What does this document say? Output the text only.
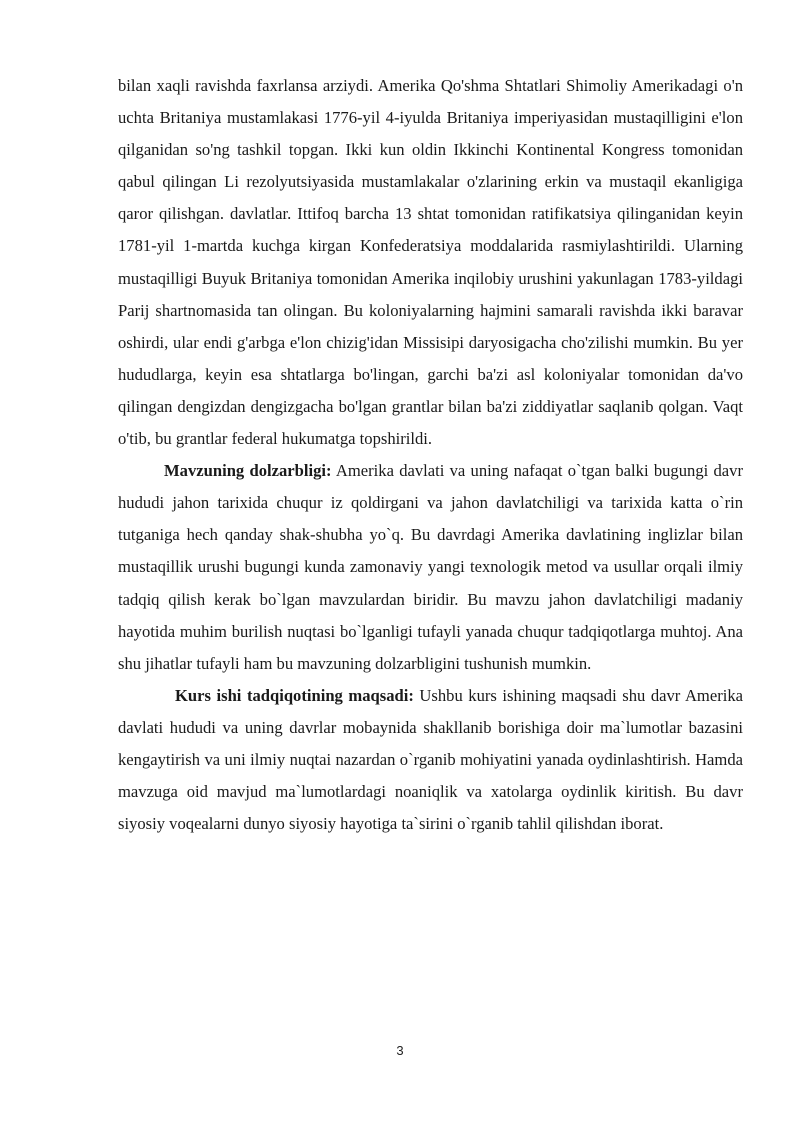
bilan xaqli ravishda faxrlansa arziydi. Amerika Qo'shma Shtatlari Shimoliy Amerikadagi o'n uchta Britaniya mustamlakasi 1776-yil 4-iyulda Britaniya imperiyasidan mustaqilligini e'lon qilganidan so'ng tashkil topgan. Ikki kun oldin Ikkinchi Kontinental Kongress tomonidan qabul qilingan Li rezolyutsiyasida mustamlakalar o'zlarining erkin va mustaqil ekanligiga qaror qilishgan. davlatlar. Ittifoq barcha 13 shtat tomonidan ratifikatsiya qilinganidan keyin 1781-yil 1-martda kuchga kirgan Konfederatsiya moddalarida rasmiylashtirildi. Ularning mustaqilligi Buyuk Britaniya tomonidan Amerika inqilobiy urushini yakunlagan 1783-yildagi Parij shartnomasida tan olingan. Bu koloniyalarning hajmini samarali ravishda ikki baravar oshirdi, ular endi g'arbga e'lon chizig'idan Missisipi daryosigacha cho'zilishi mumkin. Bu yer hududlarga, keyin esa shtatlarga bo'lingan, garchi ba'zi asl koloniyalar tomonidan da'vo qilingan dengizdan dengizgacha bo'lgan grantlar bilan ba'zi ziddiyatlar saqlanib qolgan. Vaqt o'tib, bu grantlar federal hukumatga topshirildi.

Mavzuning dolzarbligi: Amerika davlati va uning nafaqat o`tgan balki bugungi davr hududi jahon tarixida chuqur iz qoldirgani va jahon davlatchiligi va tarixida katta o`rin tutganiga hech qanday shak-shubha yo`q. Bu davrdagi Amerika davlatining inglizlar bilan mustaqillik urushi bugungi kunda zamonaviy yangi texnologik metod va usullar orqali ilmiy tadqiq qilish kerak bo`lgan mavzulardan biridir. Bu mavzu jahon davlatchiligi madaniy hayotida muhim burilish nuqtasi bo`lganligi tufayli yanada chuqur tadqiqotlarga muhtoj. Ana shu jihatlar tufayli ham bu mavzuning dolzarbligini tushunish mumkin.

Kurs ishi tadqiqotining maqsadi: Ushbu kurs ishining maqsadi shu davr Amerika davlati hududi va uning davrlar mobaynida shakllanib borishiga doir ma`lumotlar bazasini kengaytirish va uni ilmiy nuqtai nazardan o`rganib mohiyatini yanada oydinlashtirish. Hamda mavzuga oid mavjud ma`lumotlardagi noaniqlik va xatolarga oydinlik kiritish. Bu davr siyosiy voqealarni dunyo siyosiy hayotiga ta`sirini o`rganib tahlil qilishdan iborat.

3
